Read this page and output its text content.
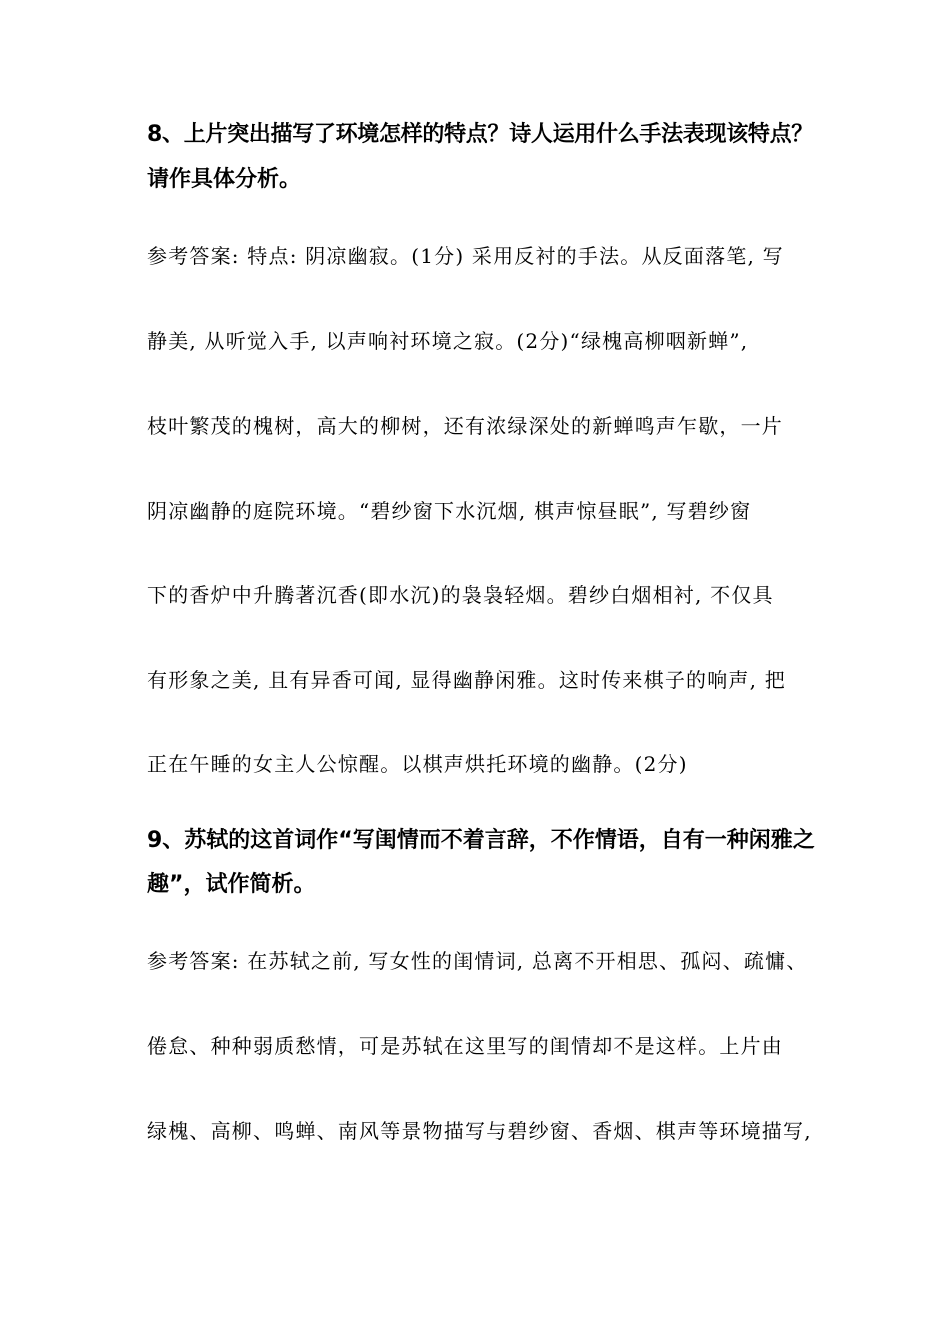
8、上片突出描写了环境怎样的特点？诗人运用什么手法表现该特点？
请作具体分析。
参考答案: 特点: 阴凉幽寂。(1分) 采用反衬的手法。从反面落笔, 写
静美, 从听觉入手, 以声响衬环境之寂。(2分)“绿槐高柳咽新蝉”,
枝叶繁茂的槐树，高大的柳树，还有浓绿深处的新蝉鸣声乍歇，一片
阴凉幽静的庭院环境。“碧纱窗下水沉烟, 棋声惊昼眠”, 写碧纱窗
下的香炉中升腾著沉香(即水沉)的袅袅轻烟。碧纱白烟相衬, 不仅具
有形象之美, 且有异香可闻, 显得幽静闲雅。这时传来棋子的响声, 把
正在午睡的女主人公惊醒。以棋声烘托环境的幽静。(2分)
9、苏轼的这首词作“写闺情而不着言辞，不作情语，自有一种闲雅之
趣”，试作简析。
参考答案: 在苏轼之前, 写女性的闺情词, 总离不开相思、孤闷、疏慵、
倦怠、种种弱质愁情，可是苏轼在这里写的闺情却不是这样。上片由
绿槐、高柳、鸣蝉、南风等景物描写与碧纱窗、香烟、棋声等环境描写,
